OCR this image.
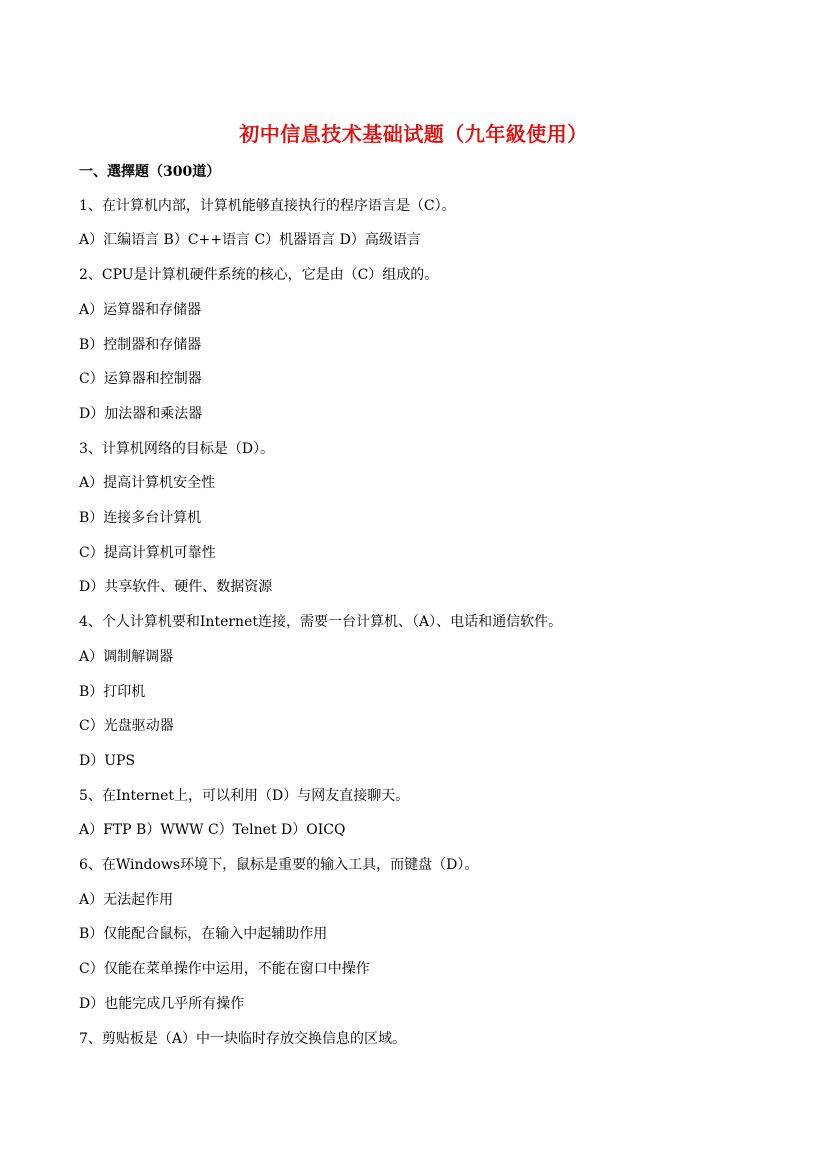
初中信息技术基础试题（九年級使用）
一、選擇題（300道）
1、在计算机内部，计算机能够直接执行的程序语言是（C）。
A）汇编语言 B）C++语言 C）机器语言 D）高级语言
2、CPU是计算机硬件系统的核心，它是由（C）组成的。
A）运算器和存储器
B）控制器和存储器
C）运算器和控制器
D）加法器和乘法器
3、计算机网络的目标是（D）。
A）提高计算机安全性
B）连接多台计算机
C）提高计算机可靠性
D）共享软件、硬件、数据资源
4、个人计算机要和Internet连接，需要一台计算机、（A）、电话和通信软件。
A）调制解调器
B）打印机
C）光盘驱动器
D）UPS
5、在Internet上，可以利用（D）与网友直接聊天。
A）FTP B）WWW C）Telnet D）OICQ
6、在Windows环境下，鼠标是重要的输入工具，而键盘（D）。
A）无法起作用
B）仅能配合鼠标，在输入中起辅助作用
C）仅能在菜单操作中运用，不能在窗口中操作
D）也能完成几乎所有操作
7、剪贴板是（A）中一块临时存放交换信息的区域。
